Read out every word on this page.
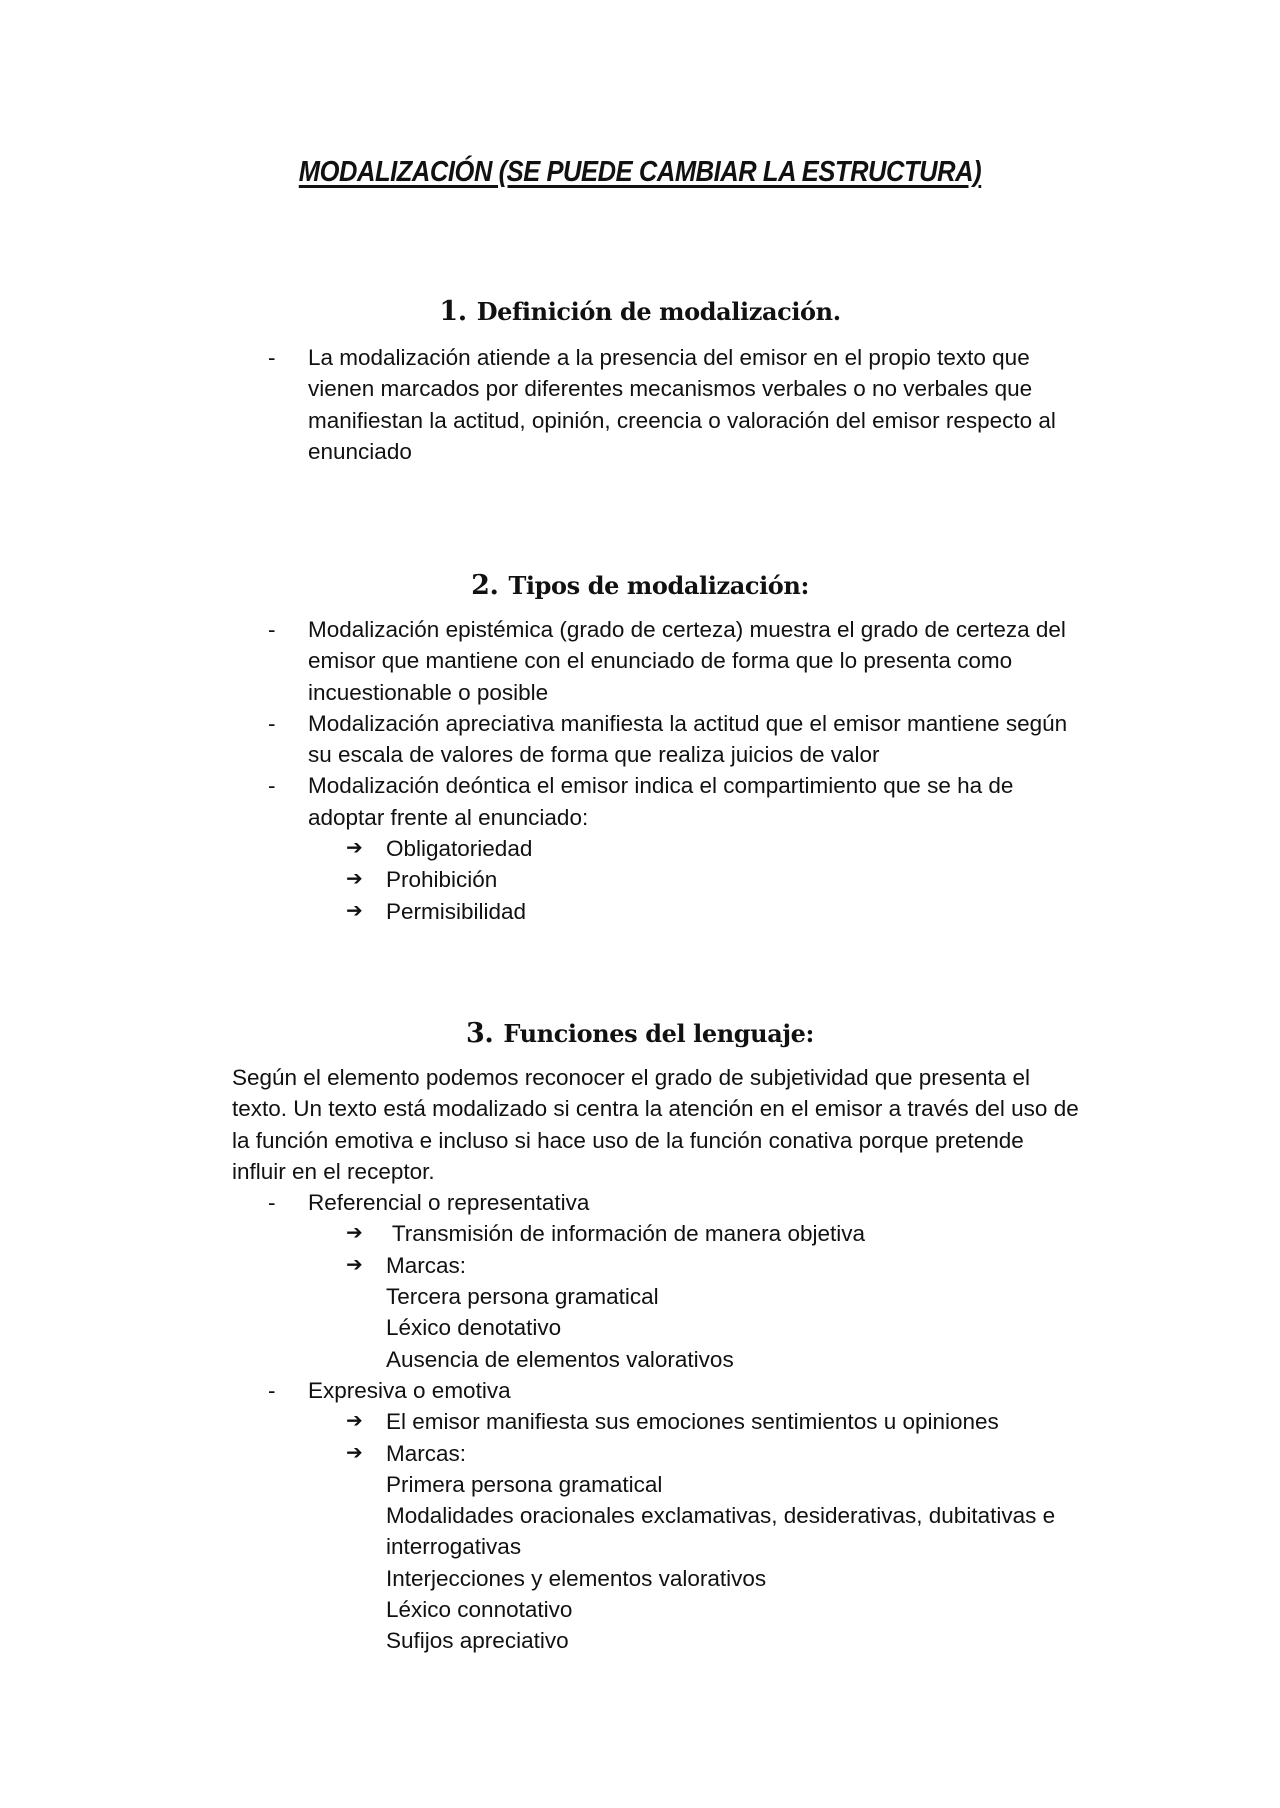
MODALIZACIÓN (SE PUEDE CAMBIAR LA ESTRUCTURA)
1. Definición de modalización.
- La modalización atiende a la presencia del emisor en el propio texto que
vienen marcados por diferentes mecanismos verbales o no verbales que
manifiestan la actitud, opinión, creencia o valoración del emisor respecto al
enunciado
2. Tipos de modalización:
- Modalización epistémica (grado de certeza) muestra el grado de certeza del
emisor que mantiene con el enunciado de forma que lo presenta como
incuestionable o posible
- Modalización apreciativa manifiesta la actitud que el emisor mantiene según
su escala de valores de forma que realiza juicios de valor
- Modalización deóntica el emisor indica el compartimiento que se ha de
adoptar frente al enunciado:
➔ Obligatoriedad
➔ Prohibición
➔ Permisibilidad
3. Funciones del lenguaje:
Según el elemento podemos reconocer el grado de subjetividad que presenta el
texto. Un texto está modalizado si centra la atención en el emisor a través del uso de
la función emotiva e incluso si hace uso de la función conativa porque pretende
influir en el receptor.
- Referencial o representativa
➔ Transmisión de información de manera objetiva
➔ Marcas:
Tercera persona gramatical
Léxico denotativo
Ausencia de elementos valorativos
- Expresiva o emotiva
➔ El emisor manifiesta sus emociones sentimientos u opiniones
➔ Marcas:
Primera persona gramatical
Modalidades oracionales exclamativas, desiderativas, dubitativas e
interrogativas
Interjecciones y elementos valorativos
Léxico connotativo
Sufijos apreciativo
